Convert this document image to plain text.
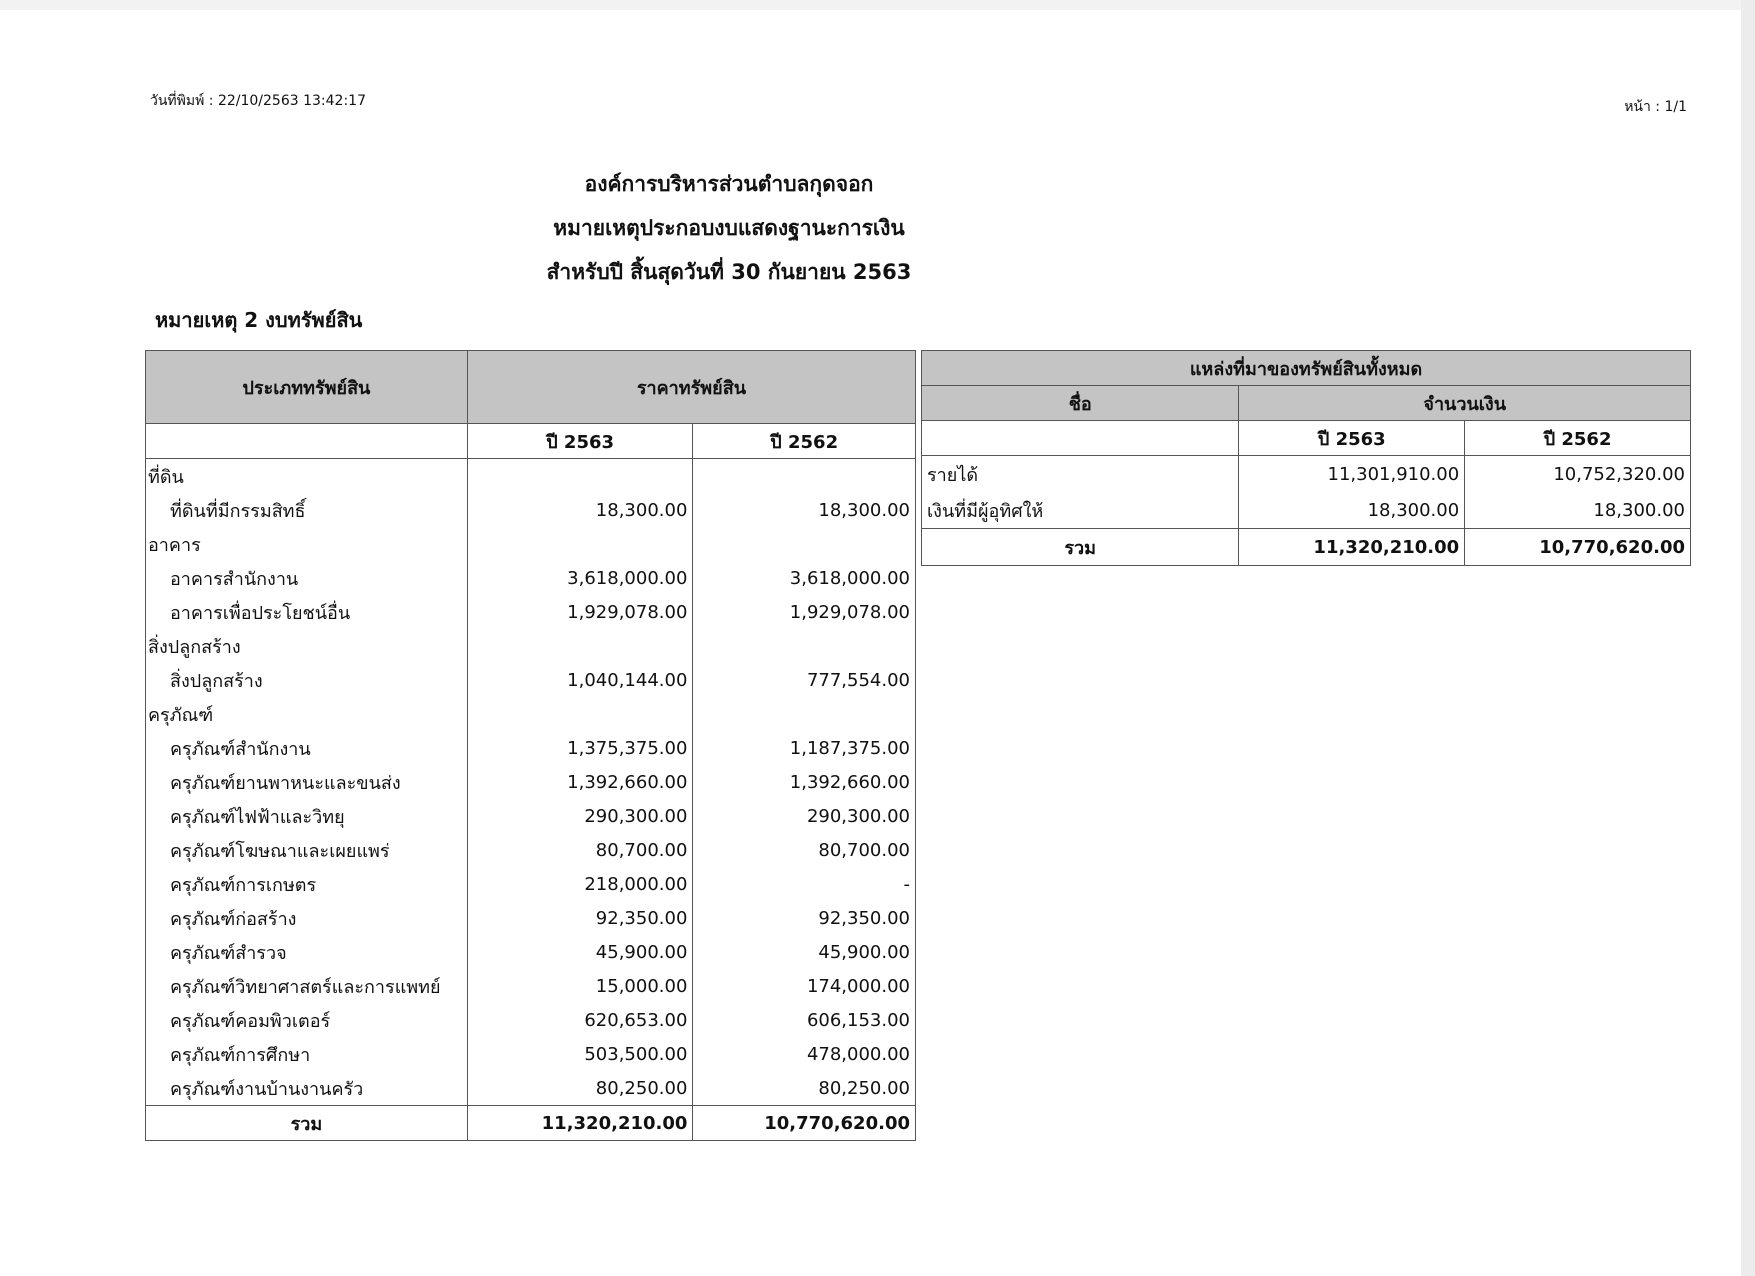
วันที่พิมพ์ : 22/10/2563 13:42:17	หน้า : 1/1
องค์การบริหารส่วนตำบลกุดจอก
หมายเหตุประกอบงบแสดงฐานะการเงิน
สำหรับปี สิ้นสุดวันที่ 30 กันยายน 2563
หมายเหตุ 2 งบทรัพย์สิน
ประเภททรัพย์สิน	ราคาทรัพย์สิน	
	ปี 2563	ปี 2562
ที่ดิน		
ที่ดินที่มีกรรมสิทธิ์	18,300.00	18,300.00
อาคาร		
อาคารสำนักงาน	3,618,000.00	3,618,000.00
อาคารเพื่อประโยชน์อื่น	1,929,078.00	1,929,078.00
สิ่งปลูกสร้าง		
สิ่งปลูกสร้าง	1,040,144.00	777,554.00
ครุภัณฑ์		
ครุภัณฑ์สำนักงาน	1,375,375.00	1,187,375.00
ครุภัณฑ์ยานพาหนะและขนส่ง	1,392,660.00	1,392,660.00
ครุภัณฑ์ไฟฟ้าและวิทยุ	290,300.00	290,300.00
ครุภัณฑ์โฆษณาและเผยแพร่	80,700.00	80,700.00
ครุภัณฑ์การเกษตร	218,000.00	-
ครุภัณฑ์ก่อสร้าง	92,350.00	92,350.00
ครุภัณฑ์สำรวจ	45,900.00	45,900.00
ครุภัณฑ์วิทยาศาสตร์และการแพทย์	15,000.00	174,000.00
ครุภัณฑ์คอมพิวเตอร์	620,653.00	606,153.00
ครุภัณฑ์การศึกษา	503,500.00	478,000.00
ครุภัณฑ์งานบ้านงานครัว	80,250.00	80,250.00
รวม	11,320,210.00	10,770,620.00
แหล่งที่มาของทรัพย์สินทั้งหมด		
ชื่อ	จำนวนเงิน	
	ปี 2563	ปี 2562
รายได้	11,301,910.00	10,752,320.00
เงินที่มีผู้อุทิศให้	18,300.00	18,300.00
รวม	11,320,210.00	10,770,620.00
